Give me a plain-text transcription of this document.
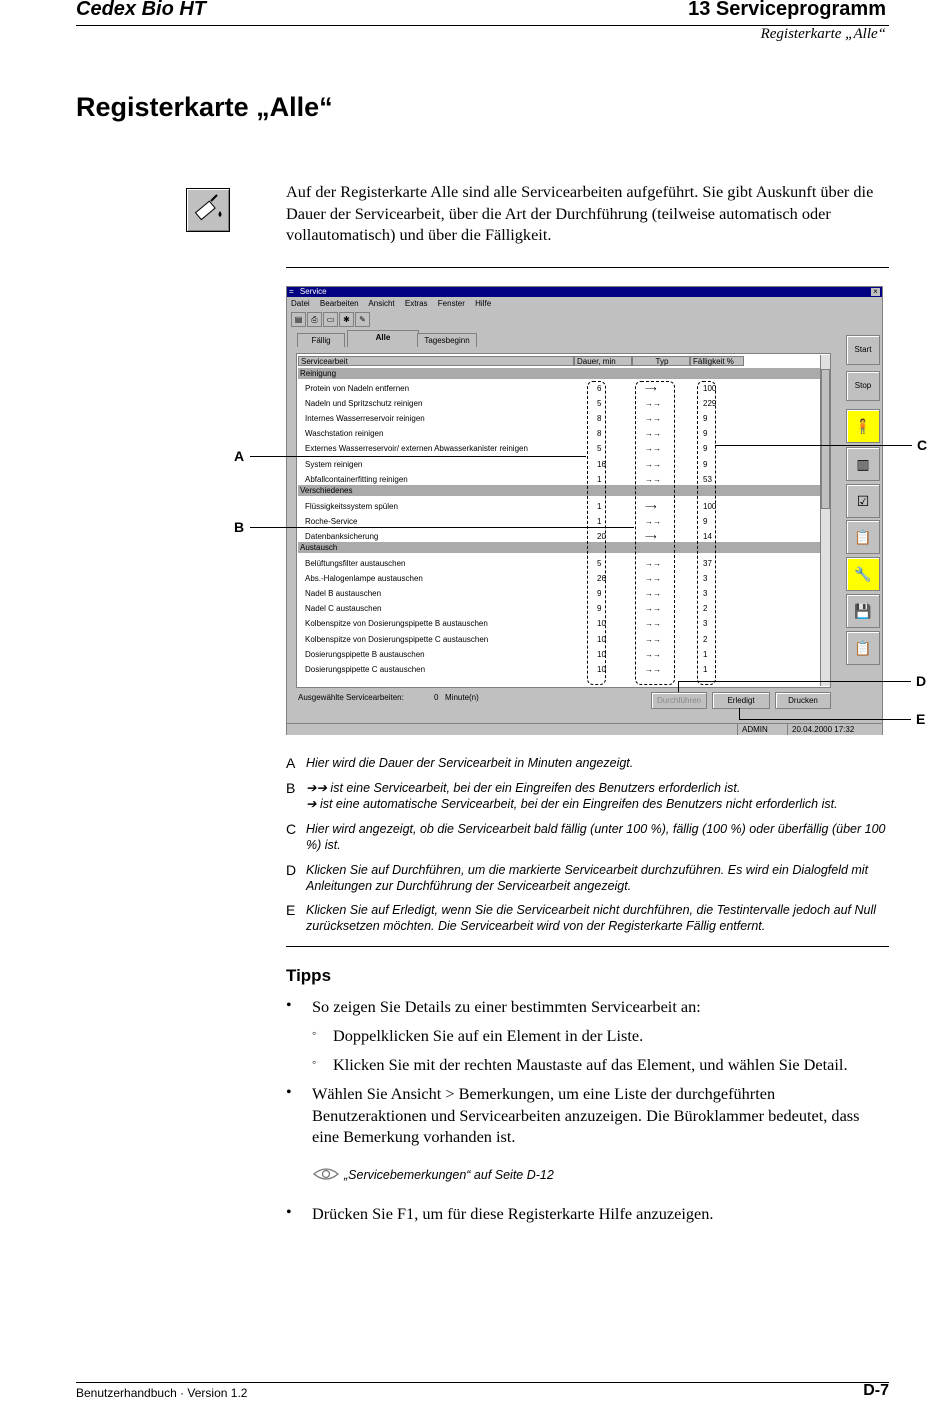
Cedex Bio HT	13 Serviceprogramm
Registerkarte „Alle“
Registerkarte „Alle“
Auf der Registerkarte Alle sind alle Servicearbeiten aufgeführt. Sie gibt Auskunft über die Dauer der Servicearbeit, über die Art der Durchführung (teilweise automatisch oder vollautomatisch) und über die Fälligkeit.
= Service	×
Datei Bearbeiten Ansicht Extras Fenster Hilfe
▤	⎙	▭	✱	✎
Fällig	Alle	Tagesbeginn
Servicearbeit	Dauer, min	Typ	Fälligkeit %
Reinigung
Protein von Nadeln entfernen	6	⟶	100
Nadeln und Spritzschutz reinigen	5	→→	229
Internes Wasserreservoir reinigen	8	→→	9
Waschstation reinigen	8	→→	9
Externes Wasserreservoir/ externen Abwasserkanister reinigen	5	→→	9
System reinigen	16	→→	9
Abfallcontainerfitting reinigen	1	→→	53
Verschiedenes
Flüssigkeitssystem spülen	1	⟶	100
Roche-Service	1	→→	9
Datenbanksicherung	20	⟶	14
Austausch
Belüftungsfilter austauschen	5	→→	37
Abs.-Halogenlampe austauschen	26	→→	3
Nadel B austauschen	9	→→	3
Nadel C austauschen	9	→→	2
Kolbenspitze von Dosierungspipette B austauschen	10	→→	3
Kolbenspitze von Dosierungspipette C austauschen	10	→→	2
Dosierungspipette B austauschen	10	→→	1
Dosierungspipette C austauschen	10	→→	1
Start
Stop
🧍
▥
☑
📋
🔧
💾
📋
Ausgewählte Servicearbeiten:	0 Minute(n)	Durchführen	Erledigt	Drucken
ADMIN	20.04.2000 17:32
A
B
C
D
E
A Hier wird die Dauer der Servicearbeit in Minuten angezeigt.
B ➔➔ ist eine Servicearbeit, bei der ein Eingreifen des Benutzers erforderlich ist.
➔ ist eine automatische Servicearbeit, bei der ein Eingreifen des Benutzers nicht erforderlich ist.
C Hier wird angezeigt, ob die Servicearbeit bald fällig (unter 100 %), fällig (100 %) oder überfällig (über 100 %) ist.
D Klicken Sie auf Durchführen, um die markierte Servicearbeit durchzuführen. Es wird ein Dialogfeld mit Anleitungen zur Durchführung der Servicearbeit angezeigt.
E Klicken Sie auf Erledigt, wenn Sie die Servicearbeit nicht durchführen, die Testintervalle jedoch auf Null zurücksetzen möchten. Die Servicearbeit wird von der Registerkarte Fällig entfernt.
Tipps
• So zeigen Sie Details zu einer bestimmten Servicearbeit an:
◦ Doppelklicken Sie auf ein Element in der Liste.
◦ Klicken Sie mit der rechten Maustaste auf das Element, und wählen Sie Detail.
• Wählen Sie Ansicht > Bemerkungen, um eine Liste der durchgeführten Benutzeraktionen und Servicearbeiten anzuzeigen. Die Büroklammer bedeutet, dass eine Bemerkung vorhanden ist.
„Servicebemerkungen“ auf Seite D-12
• Drücken Sie F1, um für diese Registerkarte Hilfe anzuzeigen.
Benutzerhandbuch · Version 1.2	D-7
